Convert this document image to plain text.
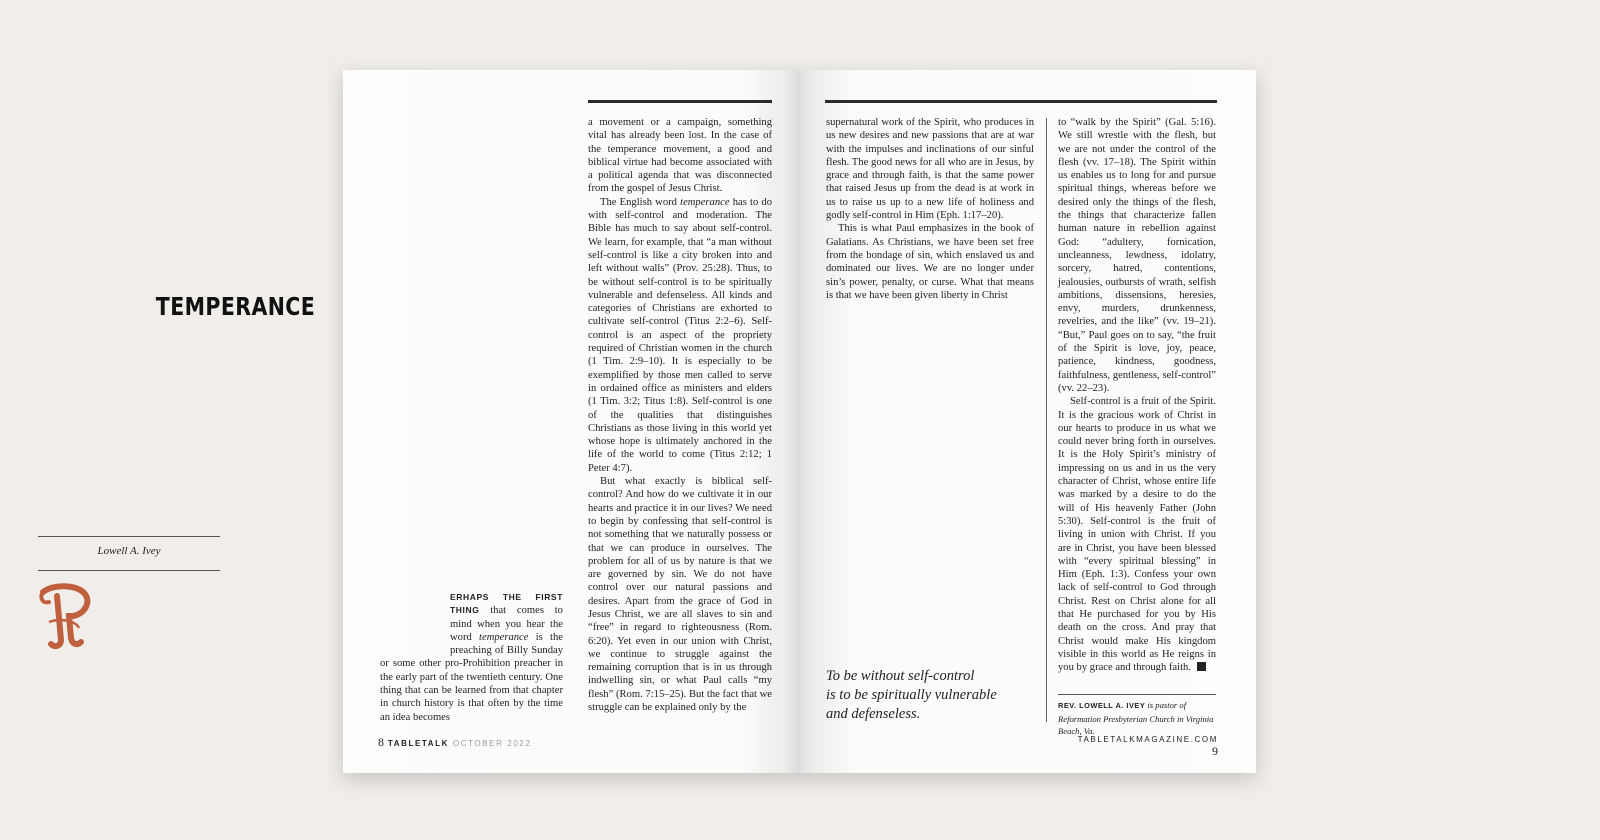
TEMPERANCE
Lowell A. Ivey
ERHAPS THE FIRST THING that comes to mind when you hear the word temperance is the preaching of Billy Sunday or some other pro-Prohibition preacher in the early part of the twentieth century. One thing that can be learned from that chapter in church history is that often by the time an idea becomes

a movement or a campaign, something vital has already been lost. In the case of the temperance movement, a good and biblical virtue had become associated with a political agenda that was disconnected from the gospel of Jesus Christ.

The English word temperance has to do with self-control and moderation. The Bible has much to say about self-control. We learn, for example, that “a man without self-control is like a city broken into and left without walls” (Prov. 25:28). Thus, to be without self-control is to be spiritually vulnerable and defenseless. All kinds and categories of Christians are exhorted to cultivate self-control (Titus 2:2–6). Self-control is an aspect of the propriety required of Christian women in the church (1 Tim. 2:9–10). It is especially to be exemplified by those men called to serve in ordained office as ministers and elders (1 Tim. 3:2; Titus 1:8). Self-control is one of the qualities that distinguishes Christians as those living in this world yet whose hope is ultimately anchored in the life of the world to come (Titus 2:12; 1 Peter 4:7).

But what exactly is biblical self-control? And how do we cultivate it in our hearts and practice it in our lives? We need to begin by confessing that self-control is not something that we naturally possess or that we can produce in ourselves. The problem for all of us by nature is that we are governed by sin. We do not have control over our natural passions and desires. Apart from the grace of God in Jesus Christ, we are all slaves to sin and “free” in regard to righteousness (Rom. 6:20). Yet even in our union with Christ, we continue to struggle against the remaining corruption that is in us through indwelling sin, or what Paul calls “my flesh” (Rom. 7:15–25). But the fact that we struggle can be explained only by the

8 TABLETALK OCTOBER 2022

supernatural work of the Spirit, who produces in us new desires and new passions that are at war with the impulses and inclinations of our sinful flesh. The good news for all who are in Jesus, by grace and through faith, is that the same power that raised Jesus up from the dead is at work in us to raise us up to a new life of holiness and godly self-control in Him (Eph. 1:17–20).

This is what Paul emphasizes in the book of Galatians. As Christians, we have been set free from the bondage of sin, which enslaved us and dominated our lives. We are no longer under sin’s power, penalty, or curse. What that means is that we have been given liberty in Christ

to “walk by the Spirit” (Gal. 5:16). We still wrestle with the flesh, but we are not under the control of the flesh (vv. 17–18). The Spirit within us enables us to long for and pursue spiritual things, whereas before we desired only the things of the flesh, the things that characterize fallen human nature in rebellion against God: “adultery, fornication, uncleanness, lewdness, idolatry, sorcery, hatred, contentions, jealousies, outbursts of wrath, selfish ambitions, dissensions, heresies, envy, murders, drunkenness, revelries, and the like” (vv. 19–21). “But,” Paul goes on to say, “the fruit of the Spirit is love, joy, peace, patience, kindness, goodness, faithfulness, gentleness, self-control” (vv. 22–23).

Self-control is a fruit of the Spirit. It is the gracious work of Christ in our hearts to produce in us what we could never bring forth in ourselves. It is the Holy Spirit’s ministry of impressing on us and in us the very character of Christ, whose entire life was marked by a desire to do the will of His heavenly Father (John 5:30). Self-control is the fruit of living in union with Christ. If you are in Christ, you have been blessed with “every spiritual blessing” in Him (Eph. 1:3). Confess your own lack of self-control to God through Christ. Rest on Christ alone for all that He purchased for you by His death on the cross. And pray that Christ would make His kingdom visible in this world as He reigns in you by grace and through faith.

To be without self-control
is to be spiritually vulnerable
and defenseless.
REV. LOWELL A. IVEY is pastor of Reformation Presbyterian Church in Virginia Beach, Va.
TABLETALKMAGAZINE.COM 9
